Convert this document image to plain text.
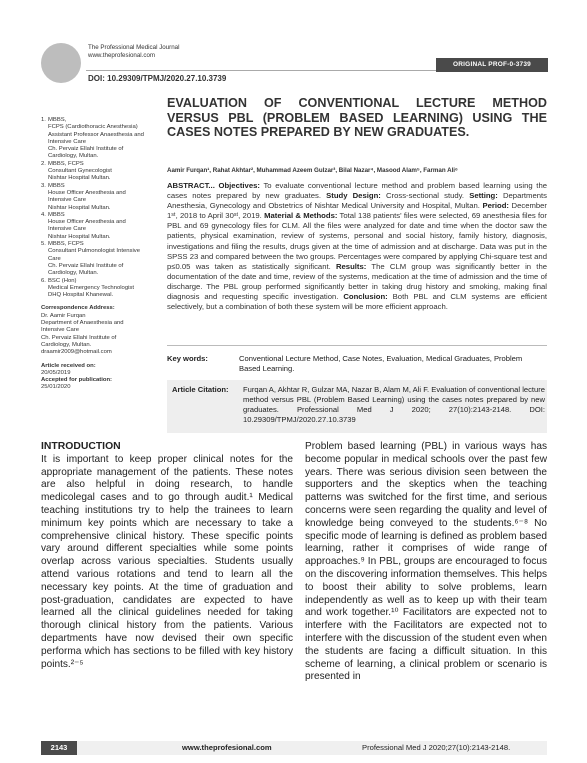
The Professional Medical Journal
www.theprofesional.com
ORIGINAL PROF-0-3739
DOI: 10.29309/TPMJ/2020.27.10.3739
1. MBBS,
FCPS (Cardiothoracic Anesthesia)
Assistant Professor Anaesthesia and
Intensive Care
Ch. Pervaiz Ellahi Institute of
Cardiology, Multan.
2. MBBS, FCPS
Consultant Gynecologist
Nishtar Hospital Multan.
3. MBBS
House Officer Anesthesia and
Intensive Care
Nishtar Hospital Multan.
4. MBBS
House Officer Anesthesia and
Intensive Care
Nishtar Hospital Multan.
5. MBBS, FCPS
Consultant Pulmonologist Intensive
Care
Ch. Pervaiz Ellahi Institute of
Cardiology, Multan.
6. BSC (Hon)
Medical Emergency Technologist
DHQ Hospital Khanewal.
Correspondence Address:
Dr. Aamir Furqan
Department of Anaesthesia and
Intensive Care
Ch. Pervaiz Ellahi Institute of
Cardiology, Multan.
draamir2009@hotmail.com
Article received on:
20/05/2019
Accepted for publication:
25/01/2020
EVALUATION OF CONVENTIONAL LECTURE METHOD VERSUS PBL (PROBLEM BASED LEARNING) USING THE CASES NOTES PREPARED BY NEW GRADUATES.
Aamir Furqan¹, Rahat Akhtar², Muhammad Azeem Gulzar³, Bilal Nazar⁴, Masood Alam⁵, Farman Ali⁶
ABSTRACT... Objectives: To evaluate conventional lecture method and problem based learning using the cases notes prepared by new graduates. Study Design: Cross-sectional study. Setting: Departments Anesthesia, Gynecology and Obstetrics of Nishtar Medical University and Hospital, Multan. Period: December 1ˢᵗ, 2018 to April 30ˢᵗ, 2019. Material & Methods: Total 138 patients' files were selected, 69 anesthesia files for PBL and 69 gynecology files for CLM. All the files were analyzed for date and time when the doctor saw the patients, physical examination, review of systems, personal and social history, family history, diagnosis, investigations and filing the results, drugs given at the time of admission and at discharge. Data was put in the SPSS 23 and compared between the two groups. Percentages were compared by applying Chi-square test and p≤0.05 was taken as statistically significant. Results: The CLM group was significantly better in the documentation of the date and time, review of the systems, medication at the time of admission and the time of discharge. The PBL group performed significantly better in taking drug history and smoking, making final diagnosis and requesting specific investigation. Conclusion: Both PBL and CLM systems are efficient selectively, but a combination of both these system will be more efficient approach.
Key words:	Conventional Lecture Method, Case Notes, Evaluation, Medical Graduates, Problem Based Learning.
Article Citation: Furqan A, Akhtar R, Gulzar MA, Nazar B, Alam M, Ali F. Evaluation of conventional lecture method versus PBL (Problem Based Learning) using the cases notes prepared by new graduates. Professional Med J 2020; 27(10):2143-2148. DOI: 10.29309/TPMJ/2020.27.10.3739
INTRODUCTION
It is important to keep proper clinical notes for the appropriate management of the patients. These notes are also helpful in doing research, to handle medicolegal cases and to go through audit.¹ Medical teaching institutions try to help the trainees to learn minimum key points which are necessary to take a comprehensive clinical history. These specific points vary around different specialties while some points overlap across various specialties. Students usually attend various rotations and tend to learn all the necessary key points. At the time of graduation and post-graduation, candidates are expected to have learned all the clinical guidelines needed for taking thorough clinical history from the patients. Various departments have now devised their own specific performa which has sections to be filled with key history points.²⁻⁵
Problem based learning (PBL) in various ways has become popular in medical schools over the past few years. There was serious division seen between the supporters and the skeptics when the teaching patterns was switched for the first time, and serious concerns were seen regarding the quality and level of knowledge being conveyed to the students.⁶⁻⁸ No specific mode of learning is defined as problem based learning, rather it comprises of wide range of approaches.⁹ In PBL, groups are encouraged to focus on the discovering information themselves. This helps to boost their ability to solve problems, learn independently as well as to keep up with their team and work together.¹⁰ Facilitators are expected not to interfere with the Facilitators are expected not to interfere with the discussion of the student even when the students are facing a difficult situation. In this scheme of learning, a clinical problem or scenario is presented in
2143	www.theprofesional.com	Professional Med J 2020;27(10):2143-2148.
